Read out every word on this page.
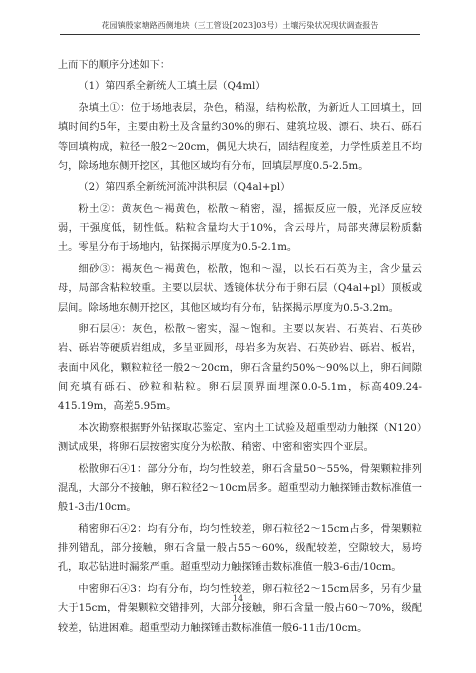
花园镇殷家塘路西侧地块（三工管设[2023]03号）土壤污染状况现状调查报告

上而下的顺序分述如下：

（1）第四系全新统人工填土层（Q4ml）

杂填土①：位于场地表层，杂色，稍湿，结构松散，为新近人工回填土，回填时间约5年，主要由粉土及含量约30%的卵石、建筑垃圾、漂石、块石、砾石等回填构成，粒径一般2～20cm，偶见大块石，固结程度差，力学性质差且不均匀，除场地东侧开挖区，其他区域均有分布，回填层厚度0.5-2.5m。

（2）第四系全新统河流冲洪积层（Q4al+pl）

粉土②：黄灰色～褐黄色，松散～稍密，湿，摇振反应一般，光泽反应较弱，干强度低，韧性低。粘粒含量均大于10%，含云母片，局部夹薄层粉质黏土。零星分布于场地内，钻探揭示厚度为0.5-2.1m。

细砂③：褐灰色～褐黄色，松散，饱和～湿，以长石石英为主，含少量云母，局部含粘粒较重。主要以层状、透镜体状分布于卵石层（Q4al+pl）顶板或层间。除场地东侧开挖区，其他区域均有分布，钻探揭示厚度为0.5-3.2m。

卵石层④：灰色，松散～密实，湿～饱和。主要以灰岩、石英岩、石英砂岩、砾岩等硬质岩组成，多呈亚圆形，母岩多为灰岩、石英砂岩、砾岩、板岩，表面中风化，颗粒粒径一般2～20cm，卵石含量约50%～90%以上，卵石间隙间充填有砾石、砂粒和粘粒。卵石层顶界面埋深0.0-5.1m，标高409.24-415.19m，高差5.95m。

本次勘察根据野外钻探取芯鉴定、室内土工试验及超重型动力触探（N120）测试成果，将卵石层按密实度分为松散、稍密、中密和密实四个亚层。

松散卵石④1：部分分布，均匀性较差，卵石含量50～55%，骨架颗粒排列混乱，大部分不接触，卵石粒径2～10cm居多。超重型动力触探锤击数标准值一般1-3击/10cm。

稍密卵石④2：均有分布，均匀性较差，卵石粒径2～15cm占多，骨架颗粒排列错乱，部分接触，卵石含量一般占55～60%，级配较差，空隙较大，易垮孔，取芯钻进时漏浆严重。超重型动力触探锤击数标准值一般3-6击/10cm。

中密卵石④3：均有分布，均匀性较差，卵石粒径2～15cm居多，另有少量大于15cm，骨架颗粒交错排列，大部分接触，卵石含量一般占60～70%，级配较差，钻进困难。超重型动力触探锤击数标准值一般6-11击/10cm。

14
